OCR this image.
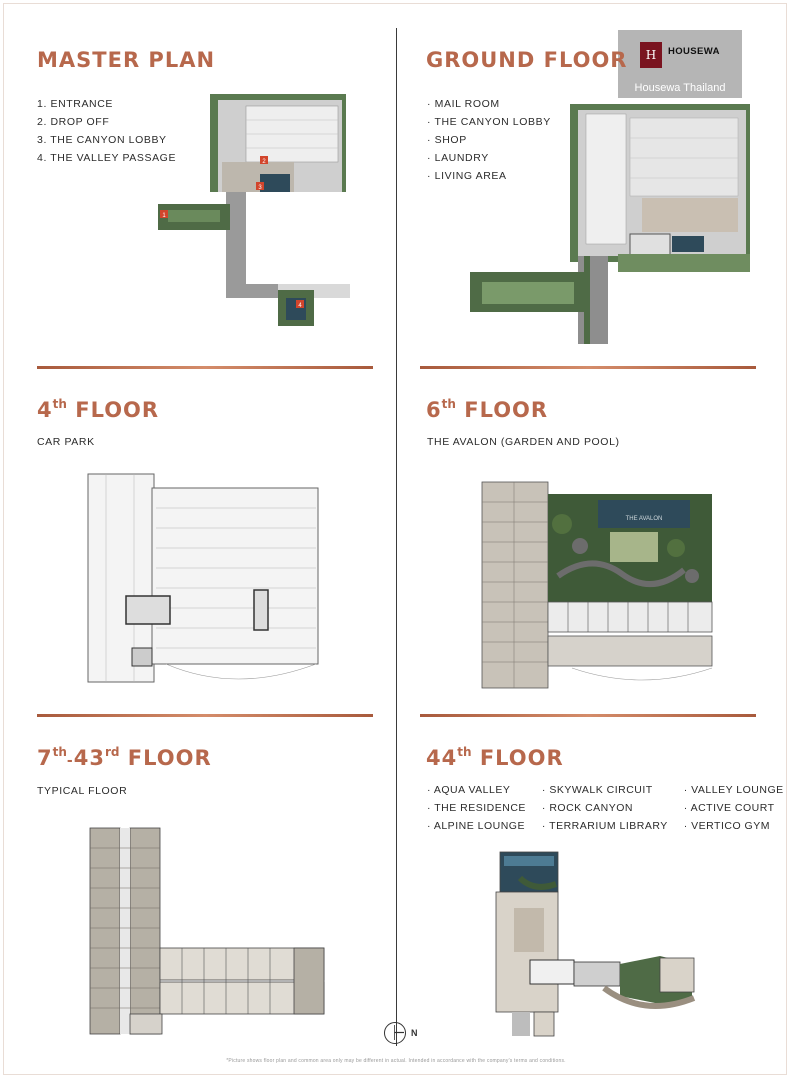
H	HOUSEWA
Housewa Thailand
MASTER PLAN
1. ENTRANCE
2. DROP OFF
3. THE CANYON LOBBY
4. THE VALLEY PASSAGE	2
3
1
4
GROUND FLOOR
· MAIL ROOM
· THE CANYON LOBBY
· SHOP
· LAUNDRY
· LIVING AREA
4th FLOOR
CAR PARK
6th FLOOR
THE AVALON (GARDEN AND POOL)
THE AVALON
7th-43rd FLOOR
TYPICAL FLOOR
44th FLOOR
· AQUA VALLEY
· THE RESIDENCE
· ALPINE LOUNGE
· SKYWALK CIRCUIT
· ROCK CANYON
· TERRARIUM LIBRARY
· VALLEY LOUNGE
· ACTIVE COURT
· VERTICO GYM
N
*Picture shows floor plan and common area only may be different in actual. Intended in accordance with the company's terms and conditions.
